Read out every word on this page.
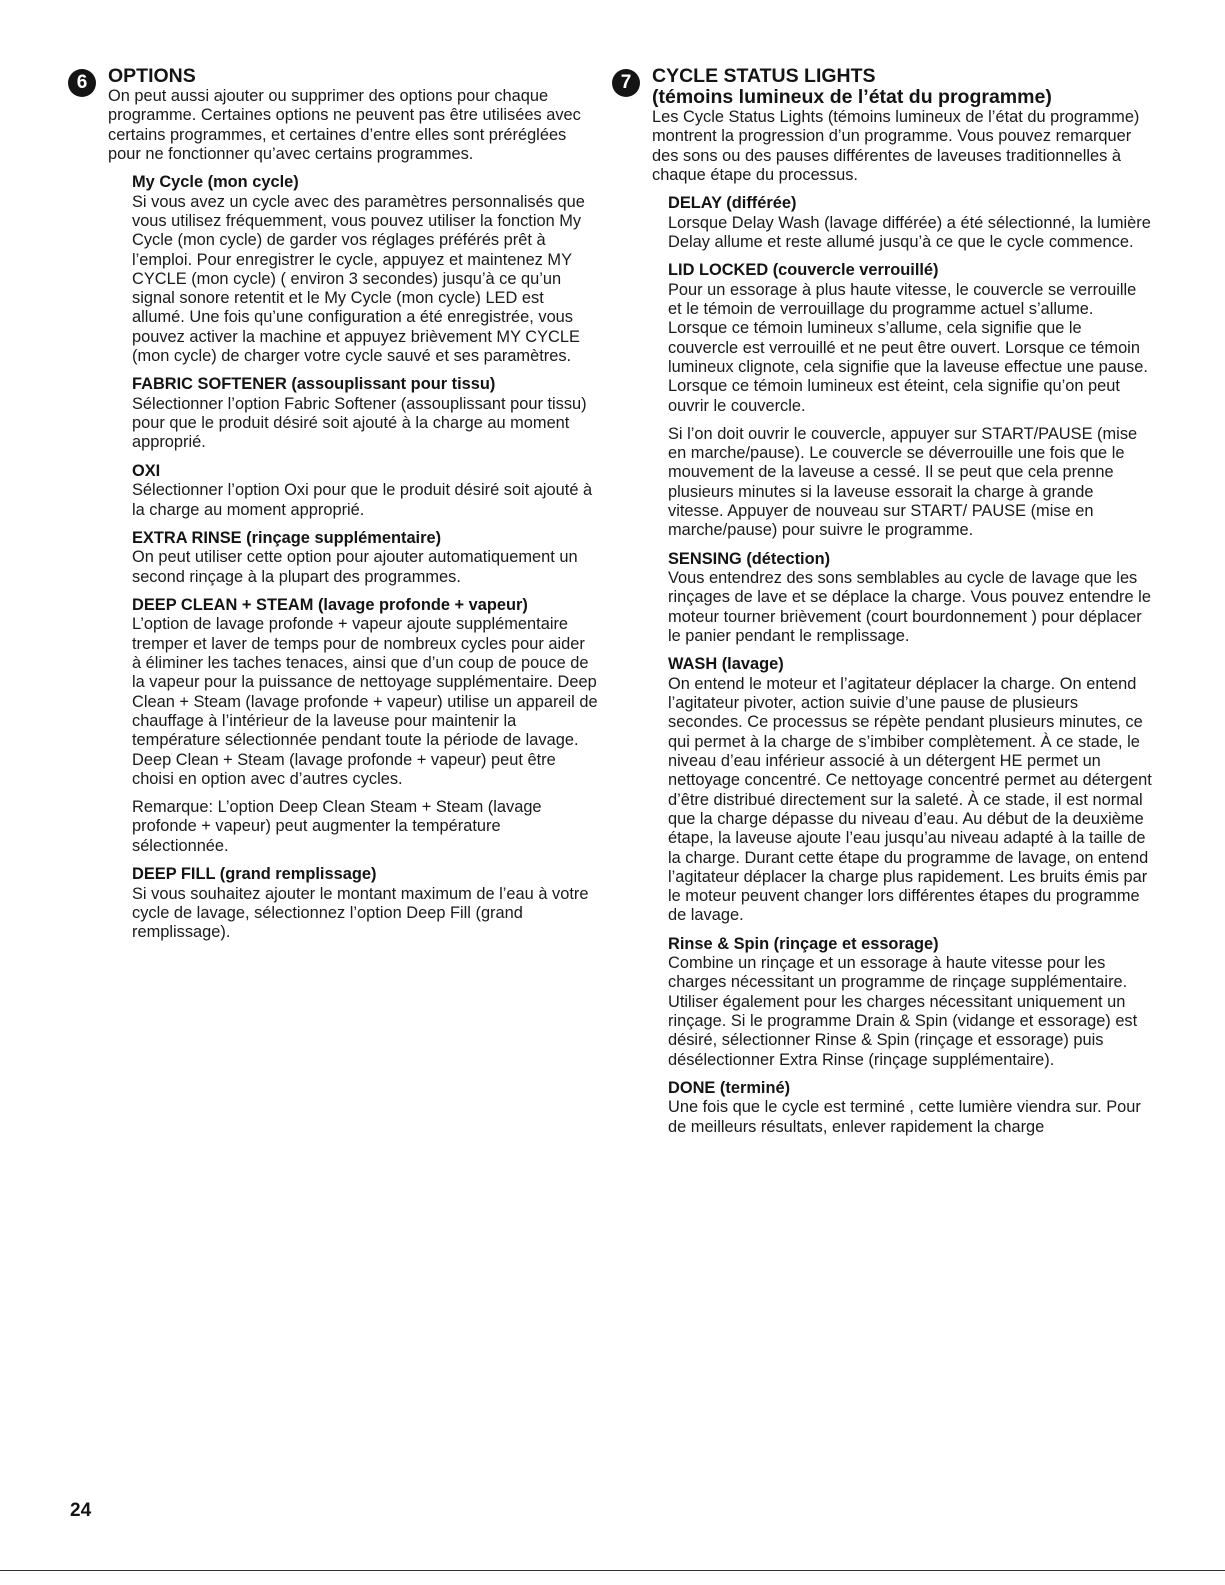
6	OPTIONS

On peut aussi ajouter ou supprimer des options pour chaque programme. Certaines options ne peuvent pas être utilisées avec certains programmes, et certaines d’entre elles sont préréglées pour ne fonctionner qu’avec certains programmes.

My Cycle (mon cycle)

Si vous avez un cycle avec des paramètres personnalisés que vous utilisez fréquemment, vous pouvez utiliser la fonction My Cycle (mon cycle) de garder vos réglages préférés prêt à l’emploi. Pour enregistrer le cycle, appuyez et maintenez MY CYCLE (mon cycle) ( environ 3 secondes) jusqu’à ce qu’un signal sonore retentit et le My Cycle (mon cycle) LED est allumé. Une fois qu’une configuration a été enregistrée, vous pouvez activer la machine et appuyez brièvement MY CYCLE (mon cycle) de charger votre cycle sauvé et ses paramètres.

FABRIC SOFTENER (assouplissant pour tissu)

Sélectionner l’option Fabric Softener (assouplissant pour tissu) pour que le produit désiré soit ajouté à la charge au moment approprié.

OXI

Sélectionner l’option Oxi pour que le produit désiré soit ajouté à la charge au moment approprié.

EXTRA RINSE (rinçage supplémentaire)

On peut utiliser cette option pour ajouter automatiquement un second rinçage à la plupart des programmes.

DEEP CLEAN + STEAM (lavage profonde + vapeur)

L’option de lavage profonde + vapeur ajoute supplémentaire tremper et laver de temps pour de nombreux cycles pour aider à éliminer les taches tenaces, ainsi que d’un coup de pouce de la vapeur pour la puissance de nettoyage supplémentaire. Deep Clean + Steam (lavage profonde + vapeur) utilise un appareil de chauffage à l’intérieur de la laveuse pour maintenir la température sélectionnée pendant toute la période de lavage. Deep Clean + Steam (lavage profonde + vapeur) peut être choisi en option avec d’autres cycles.

Remarque: L’option Deep Clean Steam + Steam (lavage profonde + vapeur) peut augmenter la température sélectionnée.

DEEP FILL (grand remplissage)

Si vous souhaitez ajouter le montant maximum de l’eau à votre cycle de lavage, sélectionnez l’option Deep Fill (grand remplissage).

7	CYCLE STATUS LIGHTS
(témoins lumineux de l’état du programme)

Les Cycle Status Lights (témoins lumineux de l’état du programme) montrent la progression d’un programme. Vous pouvez remarquer des sons ou des pauses différentes de laveuses traditionnelles à chaque étape du processus.

DELAY (différée)

Lorsque Delay Wash (lavage différée) a été sélectionné, la lumière Delay allume et reste allumé jusqu’à ce que le cycle commence.

LID LOCKED (couvercle verrouillé)

Pour un essorage à plus haute vitesse, le couvercle se verrouille et le témoin de verrouillage du programme actuel s’allume. Lorsque ce témoin lumineux s’allume, cela signifie que le couvercle est verrouillé et ne peut être ouvert. Lorsque ce témoin lumineux clignote, cela signifie que la laveuse effectue une pause. Lorsque ce témoin lumineux est éteint, cela signifie qu’on peut ouvrir le couvercle.

Si l’on doit ouvrir le couvercle, appuyer sur START/PAUSE (mise en marche/pause). Le couvercle se déverrouille une fois que le mouvement de la laveuse a cessé. Il se peut que cela prenne plusieurs minutes si la laveuse essorait la charge à grande vitesse. Appuyer de nouveau sur START/ PAUSE (mise en marche/pause) pour suivre le programme.

SENSING (détection)

Vous entendrez des sons semblables au cycle de lavage que les rinçages de lave et se déplace la charge. Vous pouvez entendre le moteur tourner brièvement (court bourdonnement ) pour déplacer le panier pendant le remplissage.

WASH (lavage)

On entend le moteur et l’agitateur déplacer la charge. On entend l’agitateur pivoter, action suivie d’une pause de plusieurs secondes. Ce processus se répète pendant plusieurs minutes, ce qui permet à la charge de s’imbiber complètement. À ce stade, le niveau d’eau inférieur associé à un détergent HE permet un nettoyage concentré. Ce nettoyage concentré permet au détergent d’être distribué directement sur la saleté. À ce stade, il est normal que la charge dépasse du niveau d’eau. Au début de la deuxième étape, la laveuse ajoute l’eau jusqu’au niveau adapté à la taille de la charge. Durant cette étape du programme de lavage, on entend l’agitateur déplacer la charge plus rapidement. Les bruits émis par le moteur peuvent changer lors différentes étapes du programme de lavage.

Rinse & Spin (rinçage et essorage)

Combine un rinçage et un essorage à haute vitesse pour les charges nécessitant un programme de rinçage supplémentaire. Utiliser également pour les charges nécessitant uniquement un rinçage. Si le programme Drain & Spin (vidange et essorage) est désiré, sélectionner Rinse & Spin (rinçage et essorage) puis désélectionner Extra Rinse (rinçage supplémentaire).

DONE (terminé)

Une fois que le cycle est terminé , cette lumière viendra sur. Pour de meilleurs résultats, enlever rapidement la charge

24
